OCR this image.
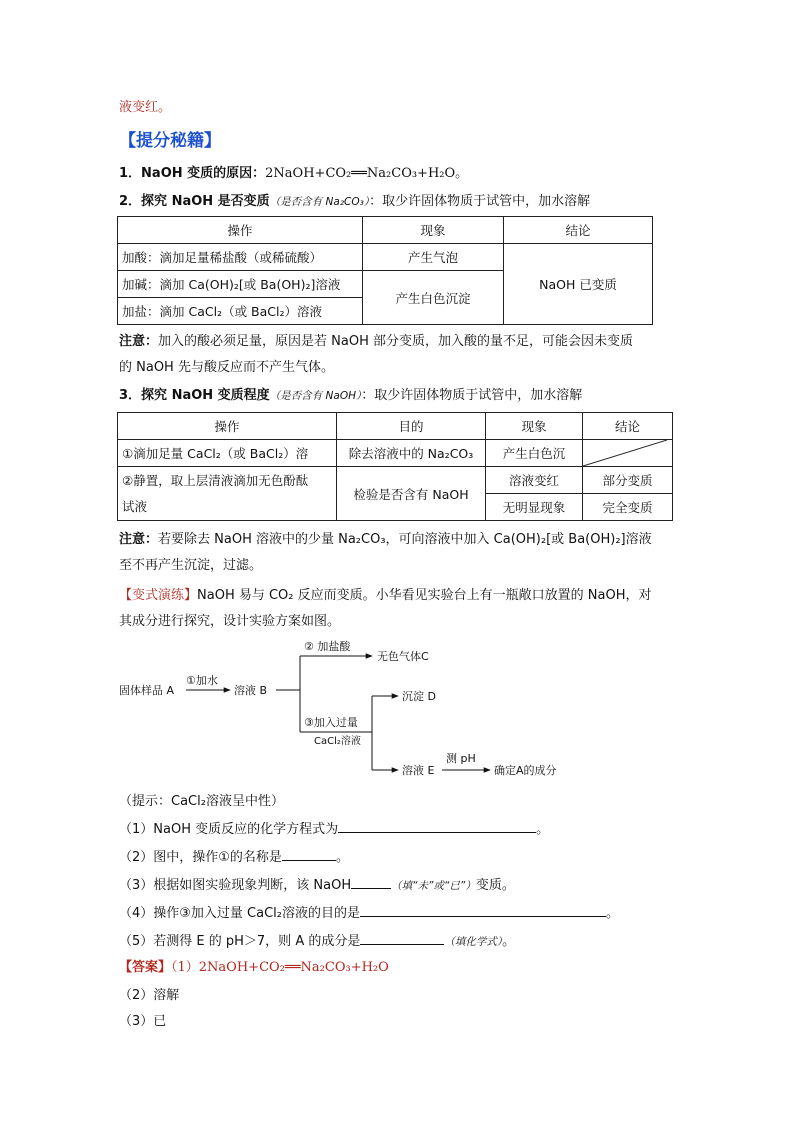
液变红。
【提分秘籍】
1．NaOH 变质的原因：2NaOH+CO₂══Na₂CO₃+H₂O。
2．探究 NaOH 是否变质（是否含有 Na₂CO₃）：取少许固体物质于试管中，加水溶解
操作	现象	结论
加酸：滴加足量稀盐酸（或稀硫酸）	产生气泡	NaOH 已变质
加碱：滴加 Ca(OH)₂[或 Ba(OH)₂]溶液	产生白色沉淀	
加盐：滴加 CaCl₂（或 BaCl₂）溶液		
注意：加入的酸必须足量，原因是若 NaOH 部分变质，加入酸的量不足，可能会因未变质
的 NaOH 先与酸反应而不产生气体。
3．探究 NaOH 变质程度（是否含有 NaOH）：取少许固体物质于试管中，加水溶解
操作	目的	现象	结论
①滴加足量 CaCl₂（或 BaCl₂）溶	除去溶液中的 Na₂CO₃	产生白色沉	

②静置，取上层清液滴加无色酚酞
试液	检验是否含有 NaOH	溶液变红	部分变质
		无明显现象	完全变质
注意：若要除去 NaOH 溶液中的少量 Na₂CO₃，可向溶液中加入 Ca(OH)₂[或 Ba(OH)₂]溶液
至不再产生沉淀，过滤。
【变式演练】NaOH 易与 CO₂ 反应而变质。小华看见实验台上有一瓶敞口放置的 NaOH，对
其成分进行探究，设计实验方案如图。
固体样品 A
①加水
溶液 B
② 加盐酸
无色气体C
③加入过量
CaCl₂溶液
沉淀 D
溶液 E
测 pH
确定A的成分
（提示：CaCl₂溶液呈中性）
（1）NaOH 变质反应的化学方程式为	。
（2）图中，操作①的名称是	。
（3）根据如图实验现象判断，该 NaOH	（填“未”或“已”）变质。
（4）操作③加入过量 CaCl₂溶液的目的是	。
（5）若测得 E 的 pH＞7，则 A 的成分是	（填化学式）。
【答案】（1）2NaOH+CO₂══Na₂CO₃+H₂O
（2）溶解
（3）已
